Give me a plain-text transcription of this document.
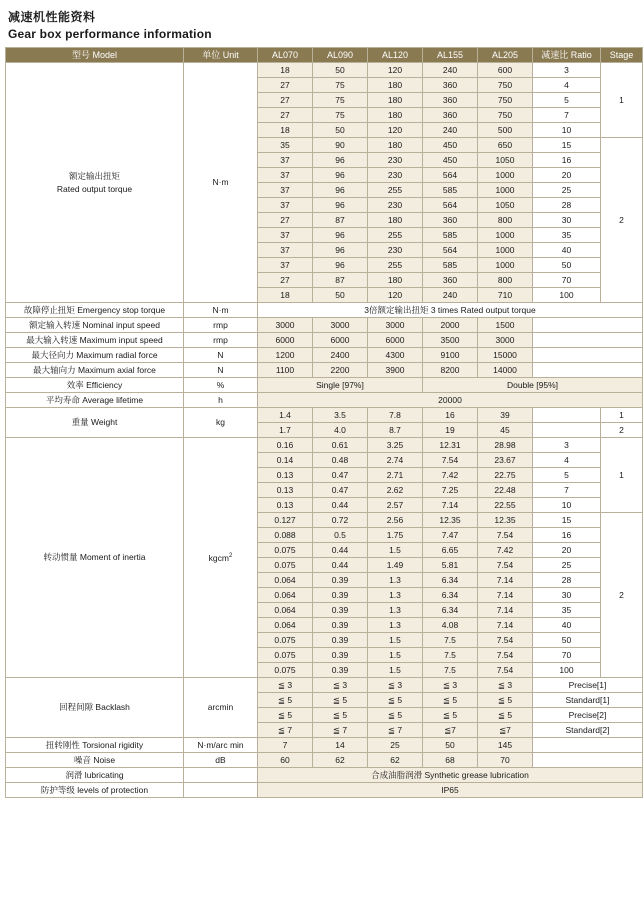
减速机性能资料
Gear box performance information
型号 Model	单位 Unit	AL070	AL090	AL120	AL155	AL205	减速比 Ratio	Stage
额定输出扭矩
Rated output torque	N·m	18	50	120	240	600	3	1
		27	75	180	360	750	4	
		27	75	180	360	750	5	
		27	75	180	360	750	7	
		18	50	120	240	500	10	
		35	90	180	450	650	15	2
		37	96	230	450	1050	16	
		37	96	230	564	1000	20	
		37	96	255	585	1000	25	
		37	96	230	564	1050	28	
		27	87	180	360	800	30	
		37	96	255	585	1000	35	
		37	96	230	564	1000	40	
		37	96	255	585	1000	50	
		27	87	180	360	800	70	
		18	50	120	240	710	100	
故障停止扭矩 Emergency stop torque	N·m	3倍额定输出扭矩 3 times Rated output torque						
额定输入转速 Nominal input speed	rmp	3000	3000	3000	2000	1500		
最大输入转速 Maximum input speed	rmp	6000	6000	6000	3500	3000		
最大径向力 Maximum radial force	N	1200	2400	4300	9100	15000		
最大轴向力 Maximum axial force	N	1100	2200	3900	8200	14000		
效率 Efficiency	%	Single [97%]			Double [95%]			
平均寿命 Average lifetime	h	20000						
重量 Weight	kg	1.4	3.5	7.8	16	39		1
		1.7	4.0	8.7	19	45		2
转动惯量 Moment of inertia	kgcm$^2$	0.16	0.61	3.25	12.31	28.98	3	1
		0.14	0.48	2.74	7.54	23.67	4	
		0.13	0.47	2.71	7.42	22.75	5	
		0.13	0.47	2.62	7.25	22.48	7	
		0.13	0.44	2.57	7.14	22.55	10	
		0.127	0.72	2.56	12.35	12.35	15	2
		0.088	0.5	1.75	7.47	7.54	16	
		0.075	0.44	1.5	6.65	7.42	20	
		0.075	0.44	1.49	5.81	7.54	25	
		0.064	0.39	1.3	6.34	7.14	28	
		0.064	0.39	1.3	6.34	7.14	30	
		0.064	0.39	1.3	6.34	7.14	35	
		0.064	0.39	1.3	4.08	7.14	40	
		0.075	0.39	1.5	7.5	7.54	50	
		0.075	0.39	1.5	7.5	7.54	70	
		0.075	0.39	1.5	7.5	7.54	100	
回程间隙 Backlash	arcmin	≦ 3	≦ 3	≦ 3	≦ 3	≦ 3	Precise[1]	
		≦ 5	≦ 5	≦ 5	≦ 5	≦ 5	Standard[1]	
		≦ 5	≦ 5	≦ 5	≦ 5	≦ 5	Precise[2]	
		≦ 7	≦ 7	≦ 7	≦7	≦7	Standard[2]	
扭转刚性 Torsional rigidity	N·m/arc min	7	14	25	50	145		
噪音 Noise	dB	60	62	62	68	70		
润滑 lubricating		合成油脂润滑 Synthetic grease lubrication						
防护等级 levels of protection		IP65						
